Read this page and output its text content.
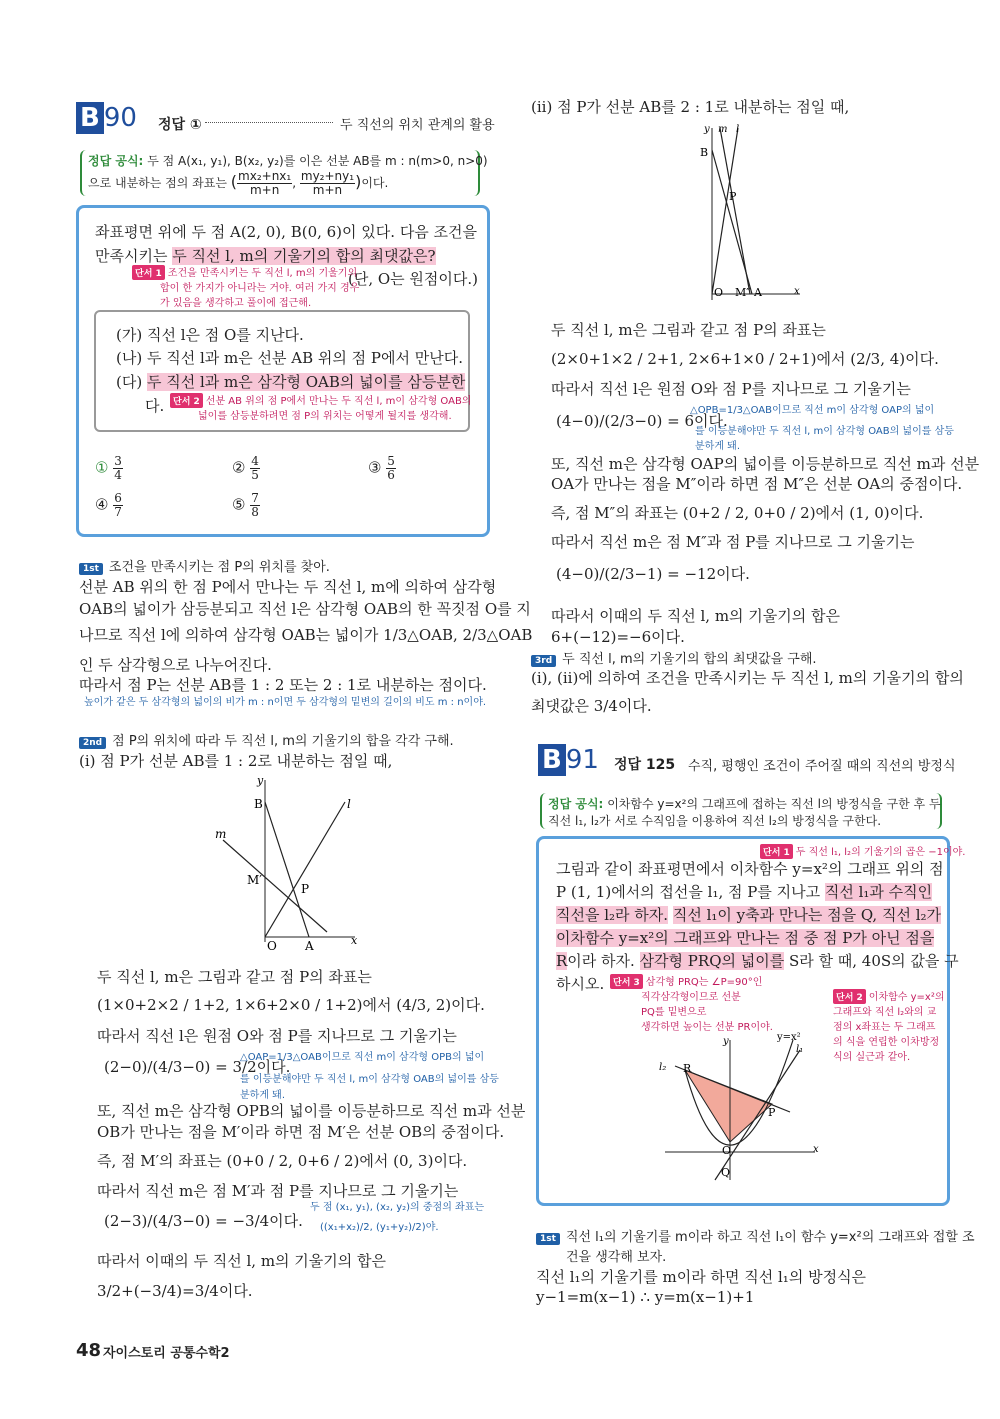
B 90 정답 ①	두 직선의 위치 관계의 활용
정답 공식: 두 점 A(x₁, y₁), B(x₂, y₂)를 이은 선분 AB를 m : n(m>0, n>0)
으로 내분하는 점의 좌표는 ( $\frac{\text{mx₂+nx₁}}{m+n}$ , $\frac{\text{my₂+ny₁}}{m+n}$ )이다.
좌표평면 위에 두 점 A(2, 0), B(0, 6)이 있다. 다음 조건을
만족시키는 두 직선 l, m의 기울기의 합의 최댓값은?
(단, O는 원점이다.)
단서 1 조건을 만족시키는 두 직선 l, m의 기울기의
합이 한 가지가 아니라는 거야. 여러 가지 경우
가 있음을 생각하고 풀이에 접근해.
(가) 직선 l은 점 O를 지난다.
(나) 두 직선 l과 m은 선분 AB 위의 점 P에서 만난다.
(다) 두 직선 l과 m은 삼각형 OAB의 넓이를 삼등분한
다. 단서 2 선분 AB 위의 점 P에서 만나는 두 직선 l, m이 삼각형 OAB의
넓이를 삼등분하려면 점 P의 위치는 어떻게 될지를 생각해.
① $\frac{3}{4}$	② $\frac{4}{5}$	③ $\frac{5}{6}$
④ $\frac{6}{7}$	⑤ $\frac{7}{8}$
1st 조건을 만족시키는 점 P의 위치를 찾아.
선분 AB 위의 한 점 P에서 만나는 두 직선 l, m에 의하여 삼각형
OAB의 넓이가 삼등분되고 직선 l은 삼각형 OAB의 한 꼭짓점 O를 지
나므로 직선 l에 의하여 삼각형 OAB는 넓이가 1/3△OAB, 2/3△OAB
인 두 삼각형으로 나누어진다.
따라서 점 P는 선분 AB를 1 : 2 또는 2 : 1로 내분하는 점이다.
높이가 같은 두 삼각형의 넓이의 비가 m : n이면 두 삼각형의 밑변의 길이의 비도 m : n이야.
2nd 점 P의 위치에 따라 두 직선 l, m의 기울기의 합을 각각 구해.
(i) 점 P가 선분 AB를 1 : 2로 내분하는 점일 때,
y
x
B	l
m
M′
P
O A
두 직선 l, m은 그림과 같고 점 P의 좌표는
(1×0+2×2 / 1+2, 1×6+2×0 / 1+2)에서 (4/3, 2)이다.
따라서 직선 l은 원점 O와 점 P를 지나므로 그 기울기는
(2−0)/(4/3−0) = 3/2이다.
△OAP=1/3△OAB이므로 직선 m이 삼각형 OPB의 넓이
를 이등분해야만 두 직선 l, m이 삼각형 OAB의 넓이를 삼등
분하게 돼.
또, 직선 m은 삼각형 OPB의 넓이를 이등분하므로 직선 m과 선분
OB가 만나는 점을 M′이라 하면 점 M′은 선분 OB의 중점이다.
즉, 점 M′의 좌표는 (0+0 / 2, 0+6 / 2)에서 (0, 3)이다.
따라서 직선 m은 점 M′과 점 P를 지나므로 그 기울기는
(2−3)/(4/3−0) = −3/4이다.
두 점 (x₁, y₁), (x₂, y₂)의 중점의 좌표는
((x₁+x₂)/2, (y₁+y₂)/2)야.
따라서 이때의 두 직선 l, m의 기울기의 합은
3/2+(−3/4)=3/4이다.
48 자이스토리 공통수학2
(ii) 점 P가 선분 AB를 2 : 1로 내분하는 점일 때,
y m l
x
B
P
O M″ A
두 직선 l, m은 그림과 같고 점 P의 좌표는
(2×0+1×2 / 2+1, 2×6+1×0 / 2+1)에서 (2/3, 4)이다.
따라서 직선 l은 원점 O와 점 P를 지나므로 그 기울기는
(4−0)/(2/3−0) = 6이다.
△OPB=1/3△OAB이므로 직선 m이 삼각형 OAP의 넓이
를 이등분해야만 두 직선 l, m이 삼각형 OAB의 넓이를 삼등
분하게 돼.
또, 직선 m은 삼각형 OAP의 넓이를 이등분하므로 직선 m과 선분
OA가 만나는 점을 M″이라 하면 점 M″은 선분 OA의 중점이다.
즉, 점 M″의 좌표는 (0+2 / 2, 0+0 / 2)에서 (1, 0)이다.
따라서 직선 m은 점 M″과 점 P를 지나므로 그 기울기는
(4−0)/(2/3−1) = −12이다.
따라서 이때의 두 직선 l, m의 기울기의 합은
6+(−12)=−6이다.
3rd 두 직선 l, m의 기울기의 합의 최댓값을 구해.
(i), (ii)에 의하여 조건을 만족시키는 두 직선 l, m의 기울기의 합의
최댓값은 3/4이다.
B 91 정답 125 수직, 평행인 조건이 주어질 때의 직선의 방정식
정답 공식: 이차함수 y=x²의 그래프에 접하는 직선 l의 방정식을 구한 후 두
직선 l₁, l₂가 서로 수직임을 이용하여 직선 l₂의 방정식을 구한다.
단서 1 두 직선 l₁, l₂의 기울기의 곱은 −1이야.
그림과 같이 좌표평면에서 이차함수 y=x²의 그래프 위의 점
P (1, 1)에서의 접선을 l₁, 점 P를 지나고 직선 l₁과 수직인
직선을 l₂라 하자. 직선 l₁이 y축과 만나는 점을 Q, 직선 l₂가
이차함수 y=x²의 그래프와 만나는 점 중 점 P가 아닌 점을
R이라 하자. 삼각형 PRQ의 넓이를 S라 할 때, 40S의 값을 구
하시오. 단서 3 삼각형 PRQ는 ∠P=90°인
직각삼각형이므로 선분
PQ를 밑변으로
생각하면 높이는 선분 PR이야.
단서 2 이차함수 y=x²의
그래프와 직선 l₂와의 교
점의 x좌표는 두 그래프
의 식을 연립한 이차방정
식의 실근과 같아.
y	y=x²
l₁
l₂ R
P
O
Q
x
1st 직선 l₁의 기울기를 m이라 하고 직선 l₁이 함수 y=x²의 그래프와 접할 조
건을 생각해 보자.
직선 l₁의 기울기를 m이라 하면 직선 l₁의 방정식은
y−1=m(x−1) ∴ y=m(x−1)+1
